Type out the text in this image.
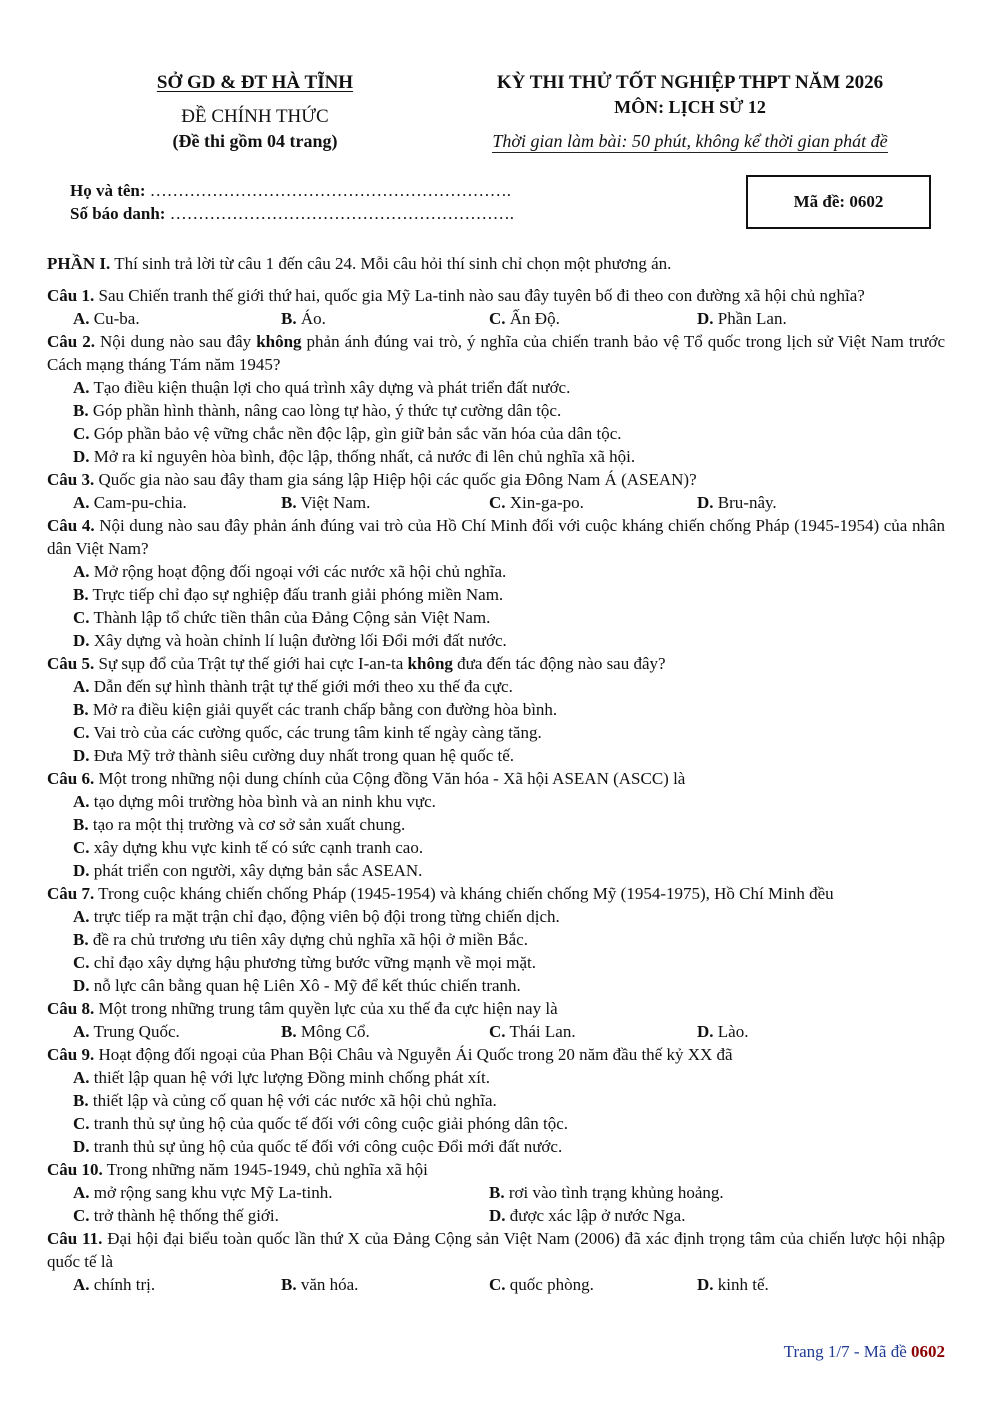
SỞ GD & ĐT HÀ TĨNH
ĐỀ CHÍNH THỨC
(Đề thi gồm 04 trang)
KỲ THI THỬ TỐT NGHIỆP THPT NĂM 2026
MÔN: LỊCH SỬ 12
Thời gian làm bài: 50 phút, không kể thời gian phát đề
Họ và tên: ……………………………………………………….
Số báo danh: …………………………………………………….
Mã đề: 0602

PHẦN I. Thí sinh trả lời từ câu 1 đến câu 24. Mỗi câu hỏi thí sinh chỉ chọn một phương án.

Câu 1. Sau Chiến tranh thế giới thứ hai, quốc gia Mỹ La-tinh nào sau đây tuyên bố đi theo con đường xã hội chủ nghĩa?

A. Cu-ba.	B. Áo.	C. Ấn Độ.	D. Phần Lan.

Câu 2. Nội dung nào sau đây không phản ánh đúng vai trò, ý nghĩa của chiến tranh bảo vệ Tổ quốc trong lịch sử Việt Nam trước Cách mạng tháng Tám năm 1945?

A. Tạo điều kiện thuận lợi cho quá trình xây dựng và phát triển đất nước.

B. Góp phần hình thành, nâng cao lòng tự hào, ý thức tự cường dân tộc.

C. Góp phần bảo vệ vững chắc nền độc lập, gìn giữ bản sắc văn hóa của dân tộc.

D. Mở ra kỉ nguyên hòa bình, độc lập, thống nhất, cả nước đi lên chủ nghĩa xã hội.

Câu 3. Quốc gia nào sau đây tham gia sáng lập Hiệp hội các quốc gia Đông Nam Á (ASEAN)?

A. Cam-pu-chia.	B. Việt Nam.	C. Xin-ga-po.	D. Bru-nây.

Câu 4. Nội dung nào sau đây phản ánh đúng vai trò của Hồ Chí Minh đối với cuộc kháng chiến chống Pháp (1945-1954) của nhân dân Việt Nam?

A. Mở rộng hoạt động đối ngoại với các nước xã hội chủ nghĩa.

B. Trực tiếp chỉ đạo sự nghiệp đấu tranh giải phóng miền Nam.

C. Thành lập tổ chức tiền thân của Đảng Cộng sản Việt Nam.

D. Xây dựng và hoàn chỉnh lí luận đường lối Đổi mới đất nước.

Câu 5. Sự sụp đổ của Trật tự thế giới hai cực I-an-ta không đưa đến tác động nào sau đây?

A. Dẫn đến sự hình thành trật tự thế giới mới theo xu thế đa cực.

B. Mở ra điều kiện giải quyết các tranh chấp bằng con đường hòa bình.

C. Vai trò của các cường quốc, các trung tâm kinh tế ngày càng tăng.

D. Đưa Mỹ trở thành siêu cường duy nhất trong quan hệ quốc tế.

Câu 6. Một trong những nội dung chính của Cộng đồng Văn hóa - Xã hội ASEAN (ASCC) là

A. tạo dựng môi trường hòa bình và an ninh khu vực.

B. tạo ra một thị trường và cơ sở sản xuất chung.

C. xây dựng khu vực kinh tế có sức cạnh tranh cao.

D. phát triển con người, xây dựng bản sắc ASEAN.

Câu 7. Trong cuộc kháng chiến chống Pháp (1945-1954) và kháng chiến chống Mỹ (1954-1975), Hồ Chí Minh đều

A. trực tiếp ra mặt trận chỉ đạo, động viên bộ đội trong từng chiến dịch.

B. đề ra chủ trương ưu tiên xây dựng chủ nghĩa xã hội ở miền Bắc.

C. chỉ đạo xây dựng hậu phương từng bước vững mạnh về mọi mặt.

D. nỗ lực cân bằng quan hệ Liên Xô - Mỹ để kết thúc chiến tranh.

Câu 8. Một trong những trung tâm quyền lực của xu thế đa cực hiện nay là

A. Trung Quốc.	B. Mông Cổ.	C. Thái Lan.	D. Lào.

Câu 9. Hoạt động đối ngoại của Phan Bội Châu và Nguyễn Ái Quốc trong 20 năm đầu thế kỷ XX đã

A. thiết lập quan hệ với lực lượng Đồng minh chống phát xít.

B. thiết lập và củng cố quan hệ với các nước xã hội chủ nghĩa.

C. tranh thủ sự ủng hộ của quốc tế đối với công cuộc giải phóng dân tộc.

D. tranh thủ sự ủng hộ của quốc tế đối với công cuộc Đổi mới đất nước.

Câu 10. Trong những năm 1945-1949, chủ nghĩa xã hội

A. mở rộng sang khu vực Mỹ La-tinh.	B. rơi vào tình trạng khủng hoảng.
C. trở thành hệ thống thế giới.	D. được xác lập ở nước Nga.

Câu 11. Đại hội đại biểu toàn quốc lần thứ X của Đảng Cộng sản Việt Nam (2006) đã xác định trọng tâm của chiến lược hội nhập quốc tế là

A. chính trị.	B. văn hóa.	C. quốc phòng.	D. kinh tế.
Trang 1/7 - Mã đề 0602
